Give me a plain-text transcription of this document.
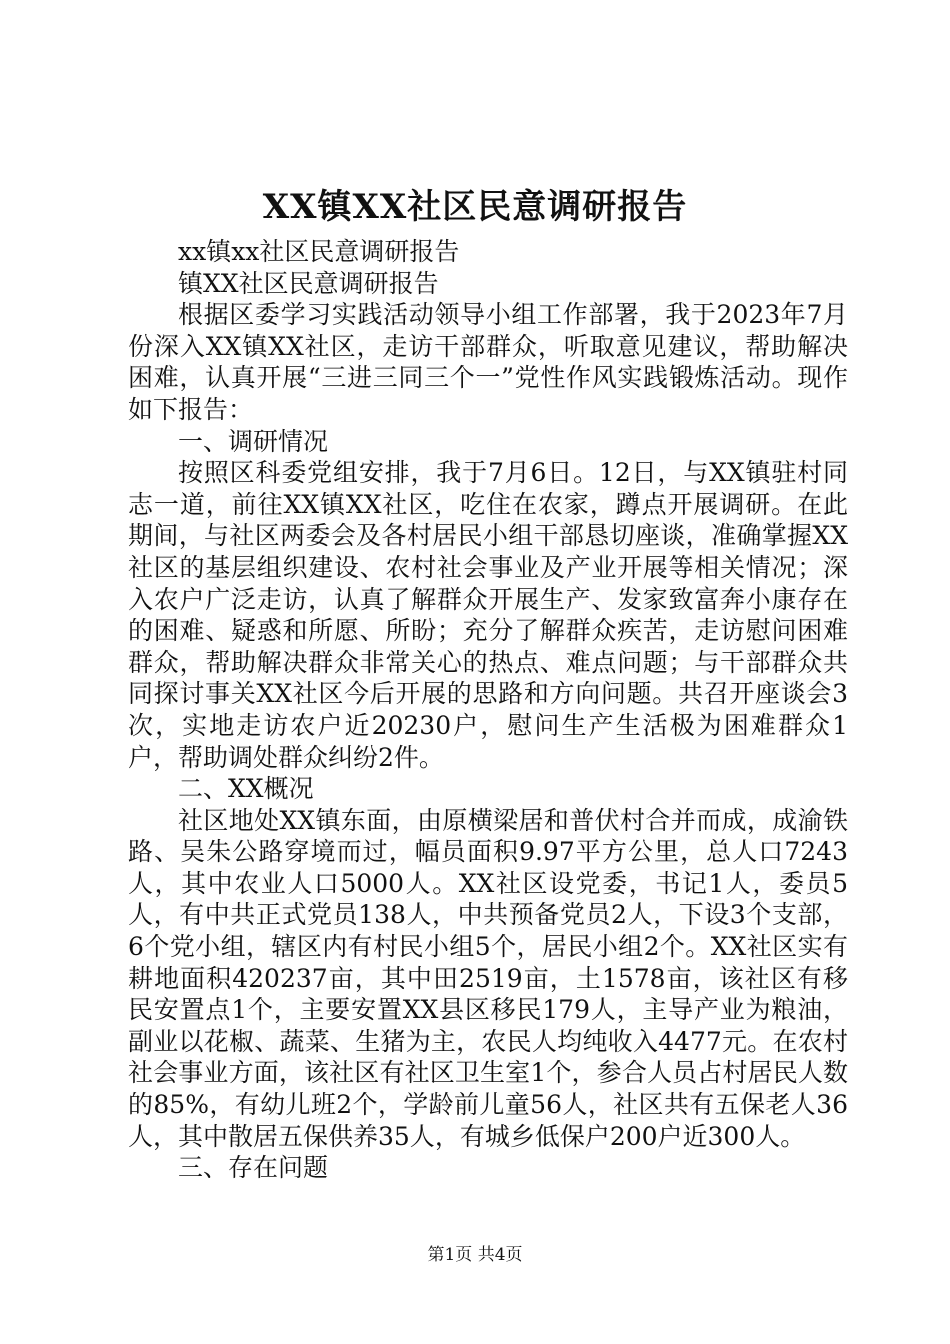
XX镇XX社区民意调研报告

xx镇xx社区民意调研报告

镇XX社区民意调研报告

根据区委学习实践活动领导小组工作部署，我于2023年7月份深入XX镇XX社区，走访干部群众，听取意见建议，帮助解决困难，认真开展“三进三同三个一”党性作风实践锻炼活动。现作如下报告：

一、调研情况

按照区科委党组安排，我于7月6日。12日，与XX镇驻村同志一道，前往XX镇XX社区，吃住在农家，蹲点开展调研。在此期间，与社区两委会及各村居民小组干部恳切座谈，准确掌握XX社区的基层组织建设、农村社会事业及产业开展等相关情况；深入农户广泛走访，认真了解群众开展生产、发家致富奔小康存在的困难、疑惑和所愿、所盼；充分了解群众疾苦，走访慰问困难群众，帮助解决群众非常关心的热点、难点问题；与干部群众共同探讨事关XX社区今后开展的思路和方向问题。共召开座谈会3次，实地走访农户近20230户，慰问生产生活极为困难群众1户，帮助调处群众纠纷2件。

二、XX概况

社区地处XX镇东面，由原横梁居和普伏村合并而成，成渝铁路、吴朱公路穿境而过，幅员面积9.97平方公里，总人口7243人，其中农业人口5000人。XX社区设党委，书记1人，委员5人，有中共正式党员138人，中共预备党员2人，下设3个支部，6个党小组，辖区内有村民小组5个，居民小组2个。XX社区实有耕地面积420237亩，其中田2519亩，土1578亩，该社区有移民安置点1个，主要安置XX县区移民179人，主导产业为粮油，副业以花椒、蔬菜、生猪为主，农民人均纯收入4477元。在农村社会事业方面，该社区有社区卫生室1个，参合人员占村居民人数的85%，有幼儿班2个，学龄前儿童56人，社区共有五保老人36人，其中散居五保供养35人，有城乡低保户200户近300人。

三、存在问题

第1页 共4页
